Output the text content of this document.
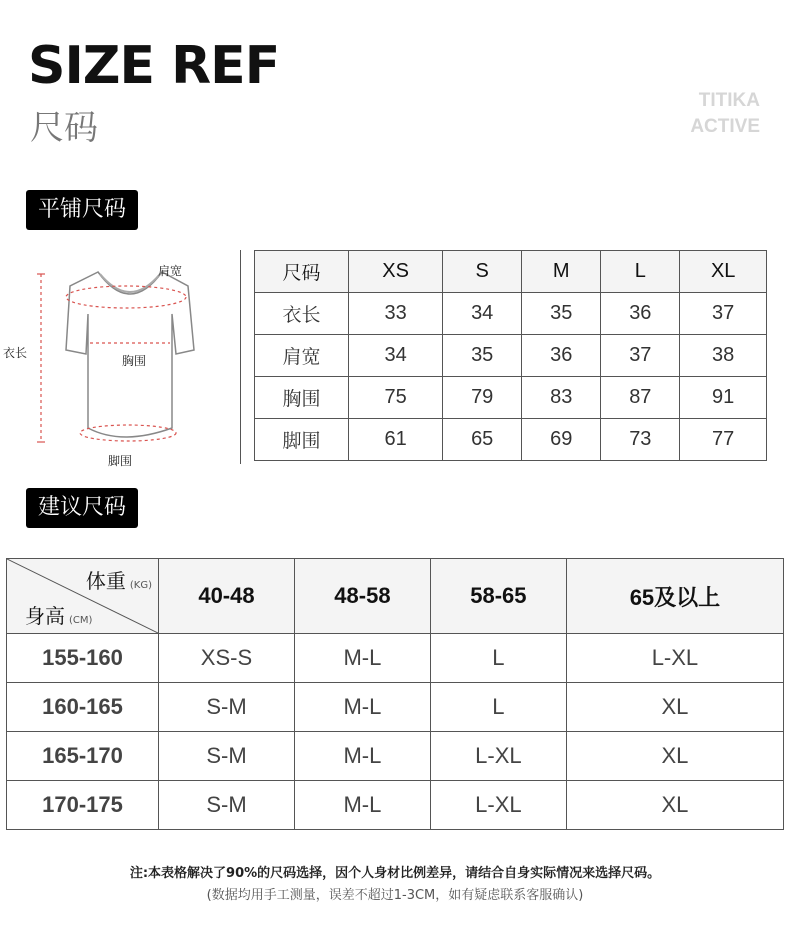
SIZE REF
尺码
TITIKA
ACTIVE
平铺尺码
肩宽
衣长
胸围
脚围
尺码	XS	S	M	L	XL
衣长	33	34	35	36	37
肩宽	34	35	36	37	38
胸围	75	79	83	87	91
脚围	61	65	69	73	77
建议尺码
体重 (KG)
身高 (CM)	40-48	48-58	58-65	65及以上
155-160	XS-S	M-L	L	L-XL
160-165	S-M	M-L	L	XL
165-170	S-M	M-L	L-XL	XL
170-175	S-M	M-L	L-XL	XL
注:本表格解决了90%的尺码选择，因个人身材比例差异，请结合自身实际情况来选择尺码。
(数据均用手工测量，误差不超过1-3CM，如有疑虑联系客服确认)
